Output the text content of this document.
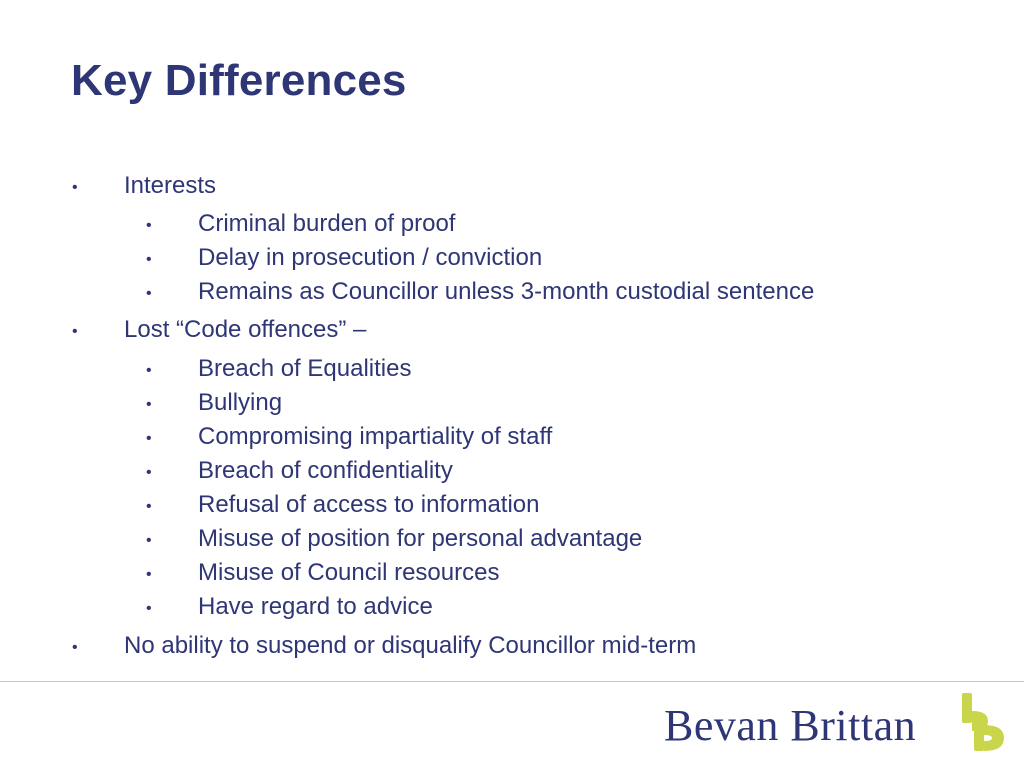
Key Differences
• Interests
• Criminal burden of proof
• Delay in prosecution / conviction
• Remains as Councillor unless 3-month custodial sentence
• Lost “Code offences” –
• Breach of Equalities
• Bullying
• Compromising impartiality of staff
• Breach of confidentiality
• Refusal of access to information
• Misuse of position for personal advantage
• Misuse of Council resources
• Have regard to advice
• No ability to suspend or disqualify Councillor mid-term
Bevan Brittan
